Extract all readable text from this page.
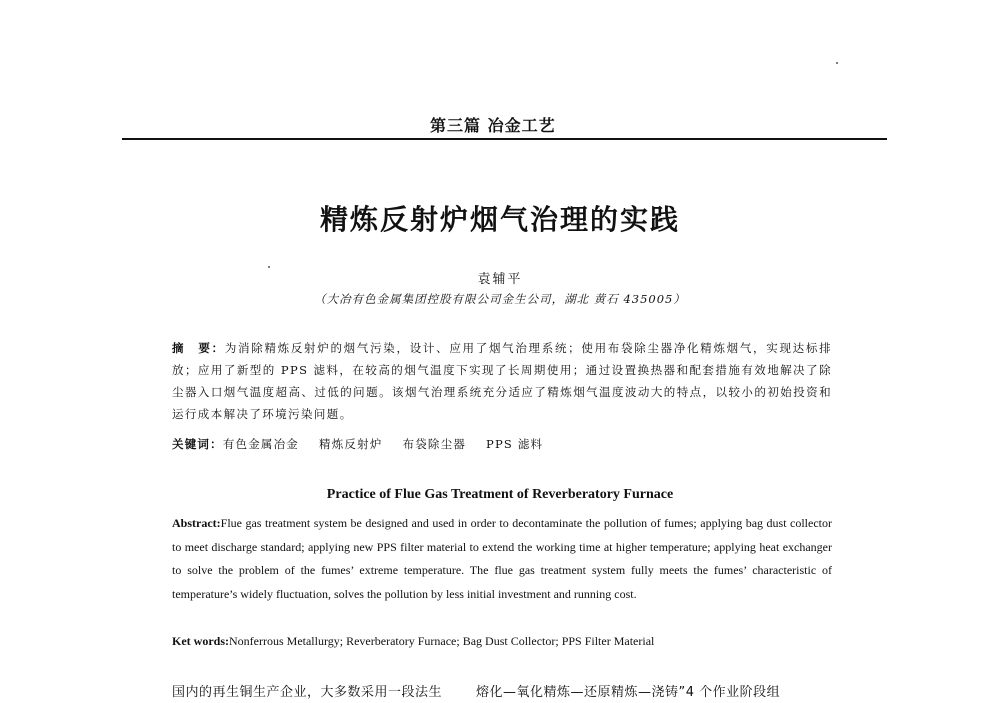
第三篇 冶金工艺
精炼反射炉烟气治理的实践
袁辅平
（大冶有色金属集团控股有限公司金生公司，湖北 黄石 435005）
摘　要：为消除精炼反射炉的烟气污染，设计、应用了烟气治理系统；使用布袋除尘器净化精炼烟气，实现达标排放；应用了新型的 PPS 滤料，在较高的烟气温度下实现了长周期使用；通过设置换热器和配套措施有效地解决了除尘器入口烟气温度超高、过低的问题。该烟气治理系统充分适应了精炼烟气温度波动大的特点，以较小的初始投资和运行成本解决了环境污染问题。
关键词：有色金属冶金 精炼反射炉 布袋除尘器 PPS 滤料
Practice of Flue Gas Treatment of Reverberatory Furnace
Abstract:Flue gas treatment system be designed and used in order to decontaminate the pollution of fumes; applying bag dust collector to meet discharge standard; applying new PPS filter material to extend the working time at higher temperature; applying heat exchanger to solve the problem of the fumes’ extreme temperature. The flue gas treatment system fully meets the fumes’ characteristic of temperature’s widely fluctuation, solves the pollution by less initial investment and running cost.
Ket words:Nonferrous Metallurgy; Reverberatory Furnace; Bag Dust Collector; PPS Filter Material
国内的再生铜生产企业，大多数采用一段法生	熔化—氧化精炼—还原精炼—浇铸”4 个作业阶段组
